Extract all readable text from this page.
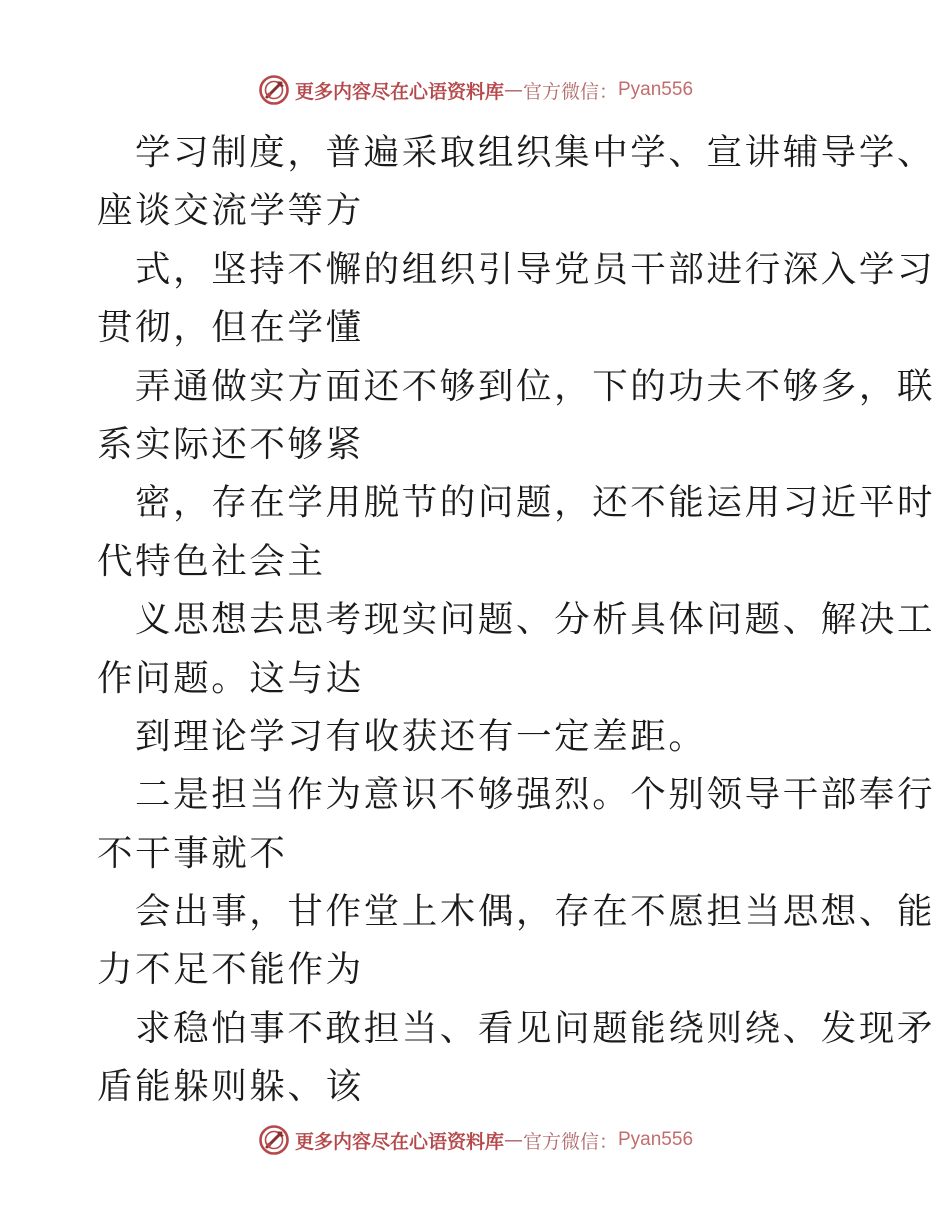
更多内容尽在心语资料库 — 官方微信： Pyan556
学习制度，普遍采取组织集中学、宣讲辅导学、
座谈交流学等方
式，坚持不懈的组织引导党员干部进行深入学习
贯彻，但在学懂
弄通做实方面还不够到位，下的功夫不够多，联
系实际还不够紧
密，存在学用脱节的问题，还不能运用习近平时
代特色社会主
义思想去思考现实问题、分析具体问题、解决工
作问题。这与达
到理论学习有收获还有一定差距。
二是担当作为意识不够强烈。个别领导干部奉行
不干事就不
会出事，甘作堂上木偶，存在不愿担当思想、能
力不足不能作为
求稳怕事不敢担当、看见问题能绕则绕、发现矛
盾能躲则躲、该
更多内容尽在心语资料库 — 官方微信： Pyan556
